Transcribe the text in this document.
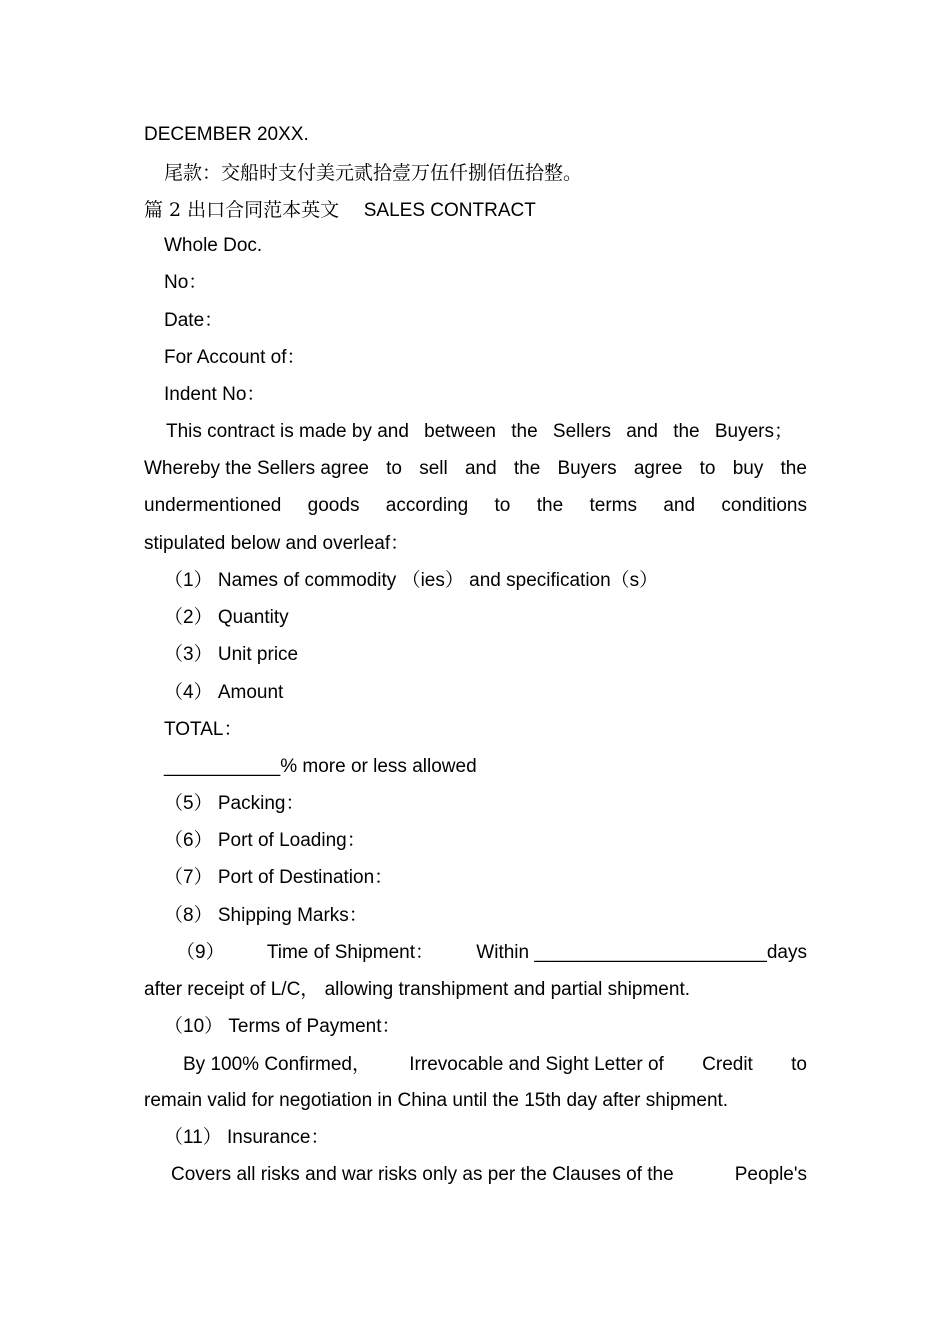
DECEMBER 20XX.
尾款：交船时支付美元贰拾壹万伍仟捌佰伍拾整。
篇 2 出口合同范本英文 SALES CONTRACT
Whole Doc.
No：
Date：
For Account of：
Indent No：
This contract is made by and between the Sellers and the Buyers；
Whereby the Sellers agree to sell and the Buyers agree to buy the
undermentioned goods according to the terms and conditions
stipulated below and overleaf：
（1） Names of commodity （ies） and specification（s）
（2） Quantity
（3） Unit price
（4） Amount
TOTAL：
___________% more or less allowed
（5） Packing：
（6） Port of Loading：
（7） Port of Destination：
（8） Shipping Marks：
（9） Time of Shipment： Within ______________________days
after receipt of L/C， allowing transhipment and partial shipment.
（10） Terms of Payment：
By 100% Confirmed， Irrevocable and Sight Letter of Credit to
remain valid for negotiation in China until the 15th day after shipment.
（11） Insurance：
Covers all risks and war risks only as per the Clauses of the	People's
